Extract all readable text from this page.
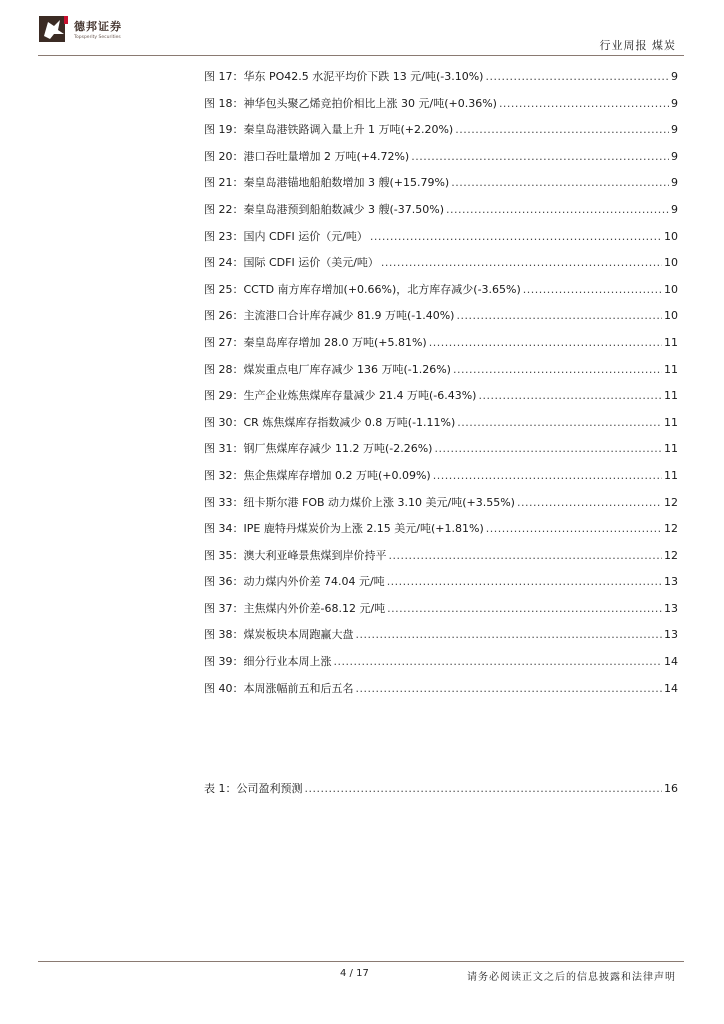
德邦证券
Topsperity Securities
行业周报 煤炭
图 17：华东 PO42.5 水泥平均价下跌 13 元/吨(-3.10%) .....	9
图 18：神华包头聚乙烯竞拍价相比上涨 30 元/吨(+0.36%) .....	9
图 19：秦皇岛港铁路调入量上升 1 万吨(+2.20%) .....	9
图 20：港口吞吐量增加 2 万吨(+4.72%) .....	9
图 21：秦皇岛港锚地船舶数增加 3 艘(+15.79%) .....	9
图 22：秦皇岛港预到船舶数减少 3 艘(-37.50%) .....	9
图 23：国内 CDFI 运价（元/吨） .....	10
图 24：国际 CDFI 运价（美元/吨） .....	10
图 25：CCTD 南方库存增加(+0.66%)，北方库存减少(-3.65%) .....	10
图 26：主流港口合计库存减少 81.9 万吨(-1.40%) .....	10
图 27：秦皇岛库存增加 28.0 万吨(+5.81%) .....	11
图 28：煤炭重点电厂库存减少 136 万吨(-1.26%) .....	11
图 29：生产企业炼焦煤库存量减少 21.4 万吨(-6.43%) .....	11
图 30：CR 炼焦煤库存指数减少 0.8 万吨(-1.11%) .....	11
图 31：钢厂焦煤库存减少 11.2 万吨(-2.26%) .....	11
图 32：焦企焦煤库存增加 0.2 万吨(+0.09%) .....	11
图 33：纽卡斯尔港 FOB 动力煤价上涨 3.10 美元/吨(+3.55%) .....	12
图 34：IPE 鹿特丹煤炭价为上涨 2.15 美元/吨(+1.81%) .....	12
图 35：澳大利亚峰景焦煤到岸价持平 .....	12
图 36：动力煤内外价差 74.04 元/吨 .....	13
图 37：主焦煤内外价差-68.12 元/吨 .....	13
图 38：煤炭板块本周跑赢大盘 .....	13
图 39：细分行业本周上涨 .....	14
图 40：本周涨幅前五和后五名 .....	14
表 1：公司盈利预测 .....	16
4 / 17	请务必阅读正文之后的信息披露和法律声明
